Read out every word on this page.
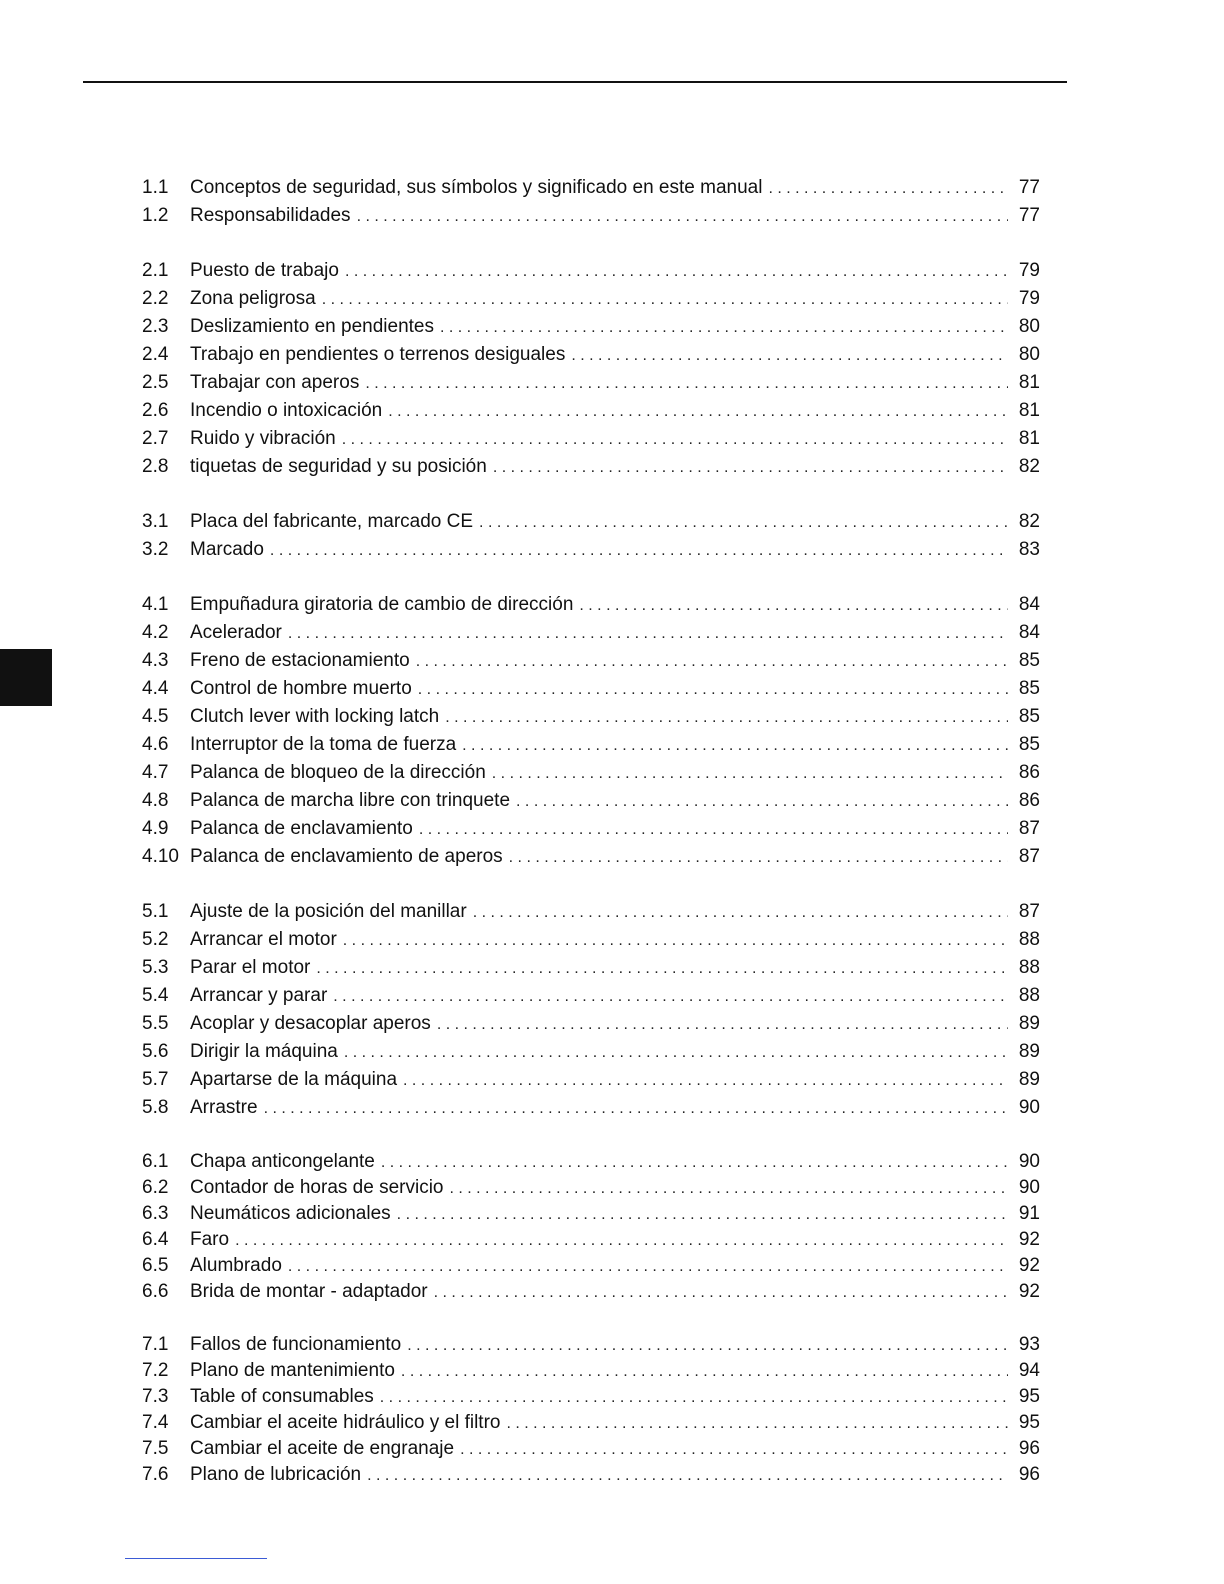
1.1	Conceptos de seguridad, sus símbolos y significado en este manual . . .	77
1.2	Responsabilidades . . .	77
2.1	Puesto de trabajo . . .	79
2.2	Zona peligrosa . . .	79
2.3	Deslizamiento en pendientes . . .	80
2.4	Trabajo en pendientes o terrenos desiguales . . .	80
2.5	Trabajar con aperos . . .	81
2.6	Incendio o intoxicación . . .	81
2.7	Ruido y vibración . . .	81
2.8	tiquetas de seguridad y su posición . . .	82
3.1	Placa del fabricante, marcado CE . . .	82
3.2	Marcado . . .	83
4.1	Empuñadura giratoria de cambio de dirección . . .	84
4.2	Acelerador . . .	84
4.3	Freno de estacionamiento . . .	85
4.4	Control de hombre muerto . . .	85
4.5	Clutch lever with locking latch . . .	85
4.6	Interruptor de la toma de fuerza . . .	85
4.7	Palanca de bloqueo de la dirección . . .	86
4.8	Palanca de marcha libre con trinquete . . .	86
4.9	Palanca de enclavamiento . . .	87
4.10 Palanca de enclavamiento de aperos . . .	87
5.1	Ajuste de la posición del manillar . . .	87
5.2	Arrancar el motor . . .	88
5.3	Parar el motor . . .	88
5.4	Arrancar y parar . . .	88
5.5	Acoplar y desacoplar aperos . . .	89
5.6	Dirigir la máquina . . .	89
5.7	Apartarse de la máquina . . .	89
5.8	Arrastre . . .	90
6.1	Chapa anticongelante . . .	90
6.2	Contador de horas de servicio . . .	90
6.3	Neumáticos adicionales . . .	91
6.4	Faro . . .	92
6.5	Alumbrado . . .	92
6.6	Brida de montar - adaptador . . .	92
7.1	Fallos de funcionamiento . . .	93
7.2	Plano de mantenimiento . . .	94
7.3	Table of consumables . . .	95
7.4	Cambiar el aceite hidráulico y el filtro . . .	95
7.5	Cambiar el aceite de engranaje . . .	96
7.6	Plano de lubricación . . .	96
